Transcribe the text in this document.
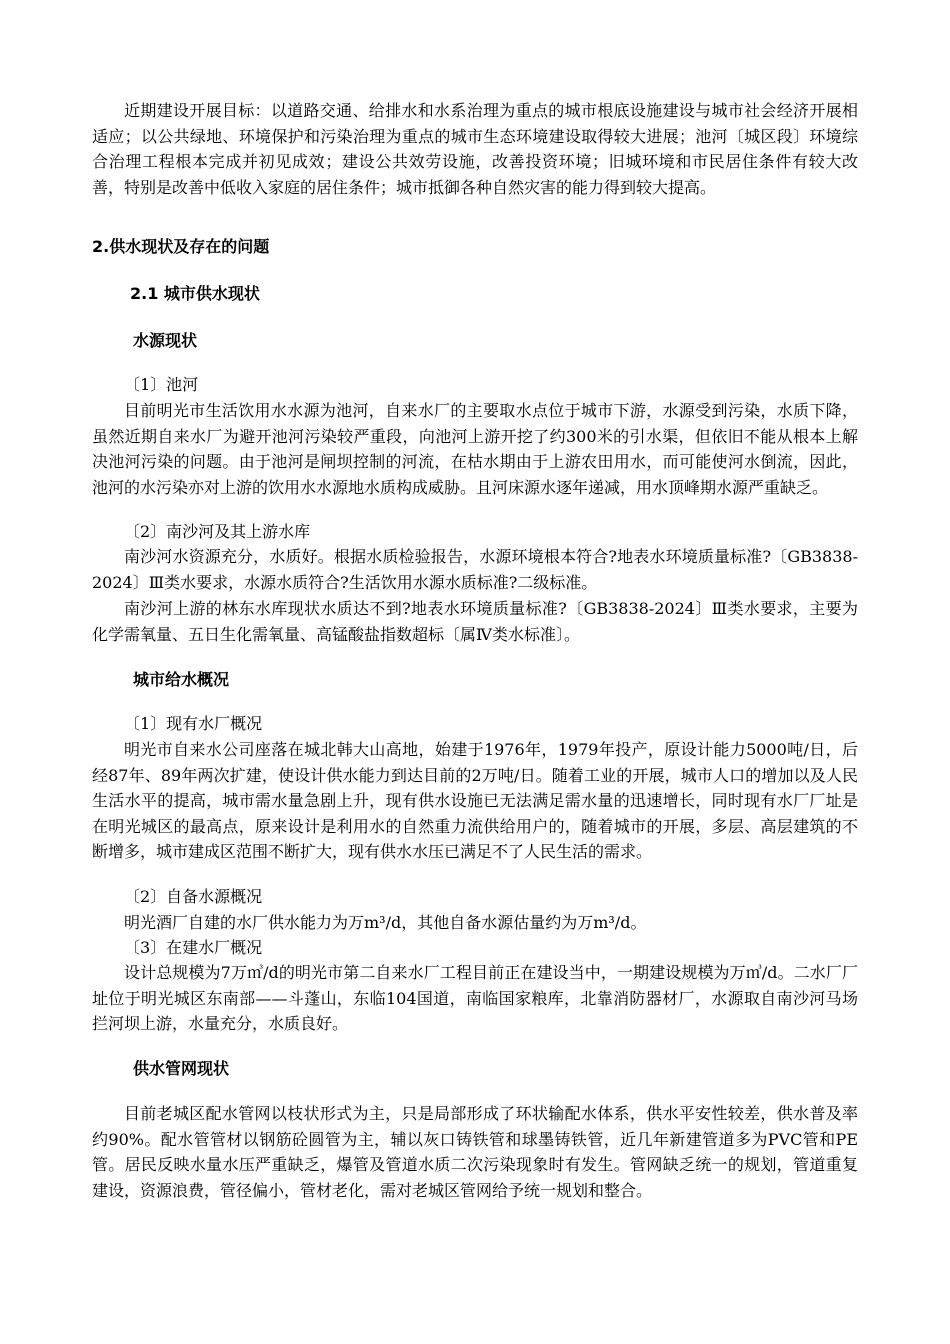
近期建设开展目标：以道路交通、给排水和水系治理为重点的城市根底设施建设与城市社会经济开展相适应；以公共绿地、环境保护和污染治理为重点的城市生态环境建设取得较大进展；池河〔城区段〕环境综合治理工程根本完成并初见成效；建设公共效劳设施，改善投资环境；旧城环境和市民居住条件有较大改善，特别是改善中低收入家庭的居住条件；城市抵御各种自然灾害的能力得到较大提高。
2.供水现状及存在的问题
2.1 城市供水现状
水源现状
〔1〕池河
目前明光市生活饮用水水源为池河，自来水厂的主要取水点位于城市下游，水源受到污染，水质下降，虽然近期自来水厂为避开池河污染较严重段，向池河上游开挖了约300米的引水渠，但依旧不能从根本上解决池河污染的问题。由于池河是闸坝控制的河流，在枯水期由于上游农田用水，而可能使河水倒流，因此，池河的水污染亦对上游的饮用水水源地水质构成威胁。且河床源水逐年递减，用水顶峰期水源严重缺乏。
〔2〕南沙河及其上游水库
南沙河水资源充分，水质好。根据水质检验报告，水源环境根本符合?地表水环境质量标准?〔GB3838-2024〕Ⅲ类水要求，水源水质符合?生活饮用水源水质标准?二级标准。
南沙河上游的林东水库现状水质达不到?地表水环境质量标准?〔GB3838-2024〕Ⅲ类水要求，主要为化学需氧量、五日生化需氧量、高锰酸盐指数超标〔属Ⅳ类水标准〕。
城市给水概况
〔1〕现有水厂概况
明光市自来水公司座落在城北韩大山高地，始建于1976年，1979年投产，原设计能力5000吨/日，后经87年、89年两次扩建，使设计供水能力到达目前的2万吨/日。随着工业的开展，城市人口的增加以及人民生活水平的提高，城市需水量急剧上升，现有供水设施已无法满足需水量的迅速增长，同时现有水厂厂址是在明光城区的最高点，原来设计是利用水的自然重力流供给用户的，随着城市的开展，多层、高层建筑的不断增多，城市建成区范围不断扩大，现有供水水压已满足不了人民生活的需求。
〔2〕自备水源概况
明光酒厂自建的水厂供水能力为万m³/d，其他自备水源估量约为万m³/d。
〔3〕在建水厂概况
设计总规模为7万㎥/d的明光市第二自来水厂工程目前正在建设当中，一期建设规模为万㎥/d。二水厂厂址位于明光城区东南部——斗蓬山，东临104国道，南临国家粮库，北靠消防器材厂，水源取自南沙河马场拦河坝上游，水量充分，水质良好。
供水管网现状
目前老城区配水管网以枝状形式为主，只是局部形成了环状输配水体系，供水平安性较差，供水普及率约90%。配水管管材以钢筋砼圆管为主，辅以灰口铸铁管和球墨铸铁管，近几年新建管道多为PVC管和PE管。居民反映水量水压严重缺乏，爆管及管道水质二次污染现象时有发生。管网缺乏统一的规划，管道重复建设，资源浪费，管径偏小，管材老化，需对老城区管网给予统一规划和整合。
